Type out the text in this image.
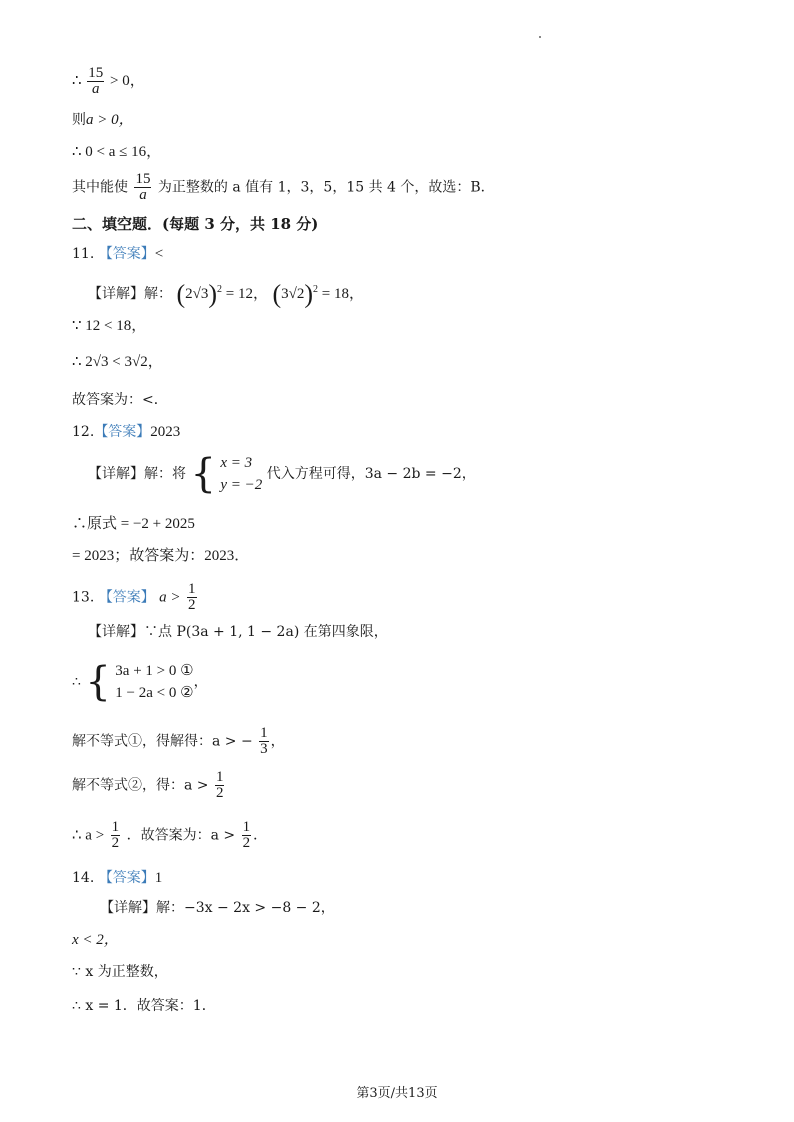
∴ $\frac{15}{a} > 0$，
则a > 0，
∴ 0 < a ≤ 16，
其中能使 $\frac{15}{a}$ 为正整数的 a 值有 1，3，5，15 共 4 个，故选：B．
二、填空题．(每题 3 分，共 18 分)
11. 【答案】<
【详解】解： $(2√3)^2 = 12$， $(3√2)^2 = 18$，
∵ 12 < 18，
∴ 2√3 < 3√2，
故答案为：<．
12.【答案】2023
【详解】解：将 { x = 3
y = −2
代入方程可得，3a − 2b = −2，
∴原式 = −2 + 2025
= 2023；故答案为：2023．
13. 【答案】 $a > \frac{1}{2}$
【详解】∵点 P(3a + 1, 1 − 2a) 在第四象限，
∴ { 3a + 1 > 0 ①
1 − 2a < 0 ②
，
解不等式①，得解得：a > − $\frac{1}{3}$ ，
解不等式②，得：$a > \frac{1}{2}$
∴ $a > \frac{1}{2}$ ．故答案为：$a > \frac{1}{2}$ ．
14. 【答案】1
【详解】解：−3x − 2x > −8 − 2，
x < 2，
∵ x 为正整数，
∴ x = 1．故答案：1．
第3页/共13页
